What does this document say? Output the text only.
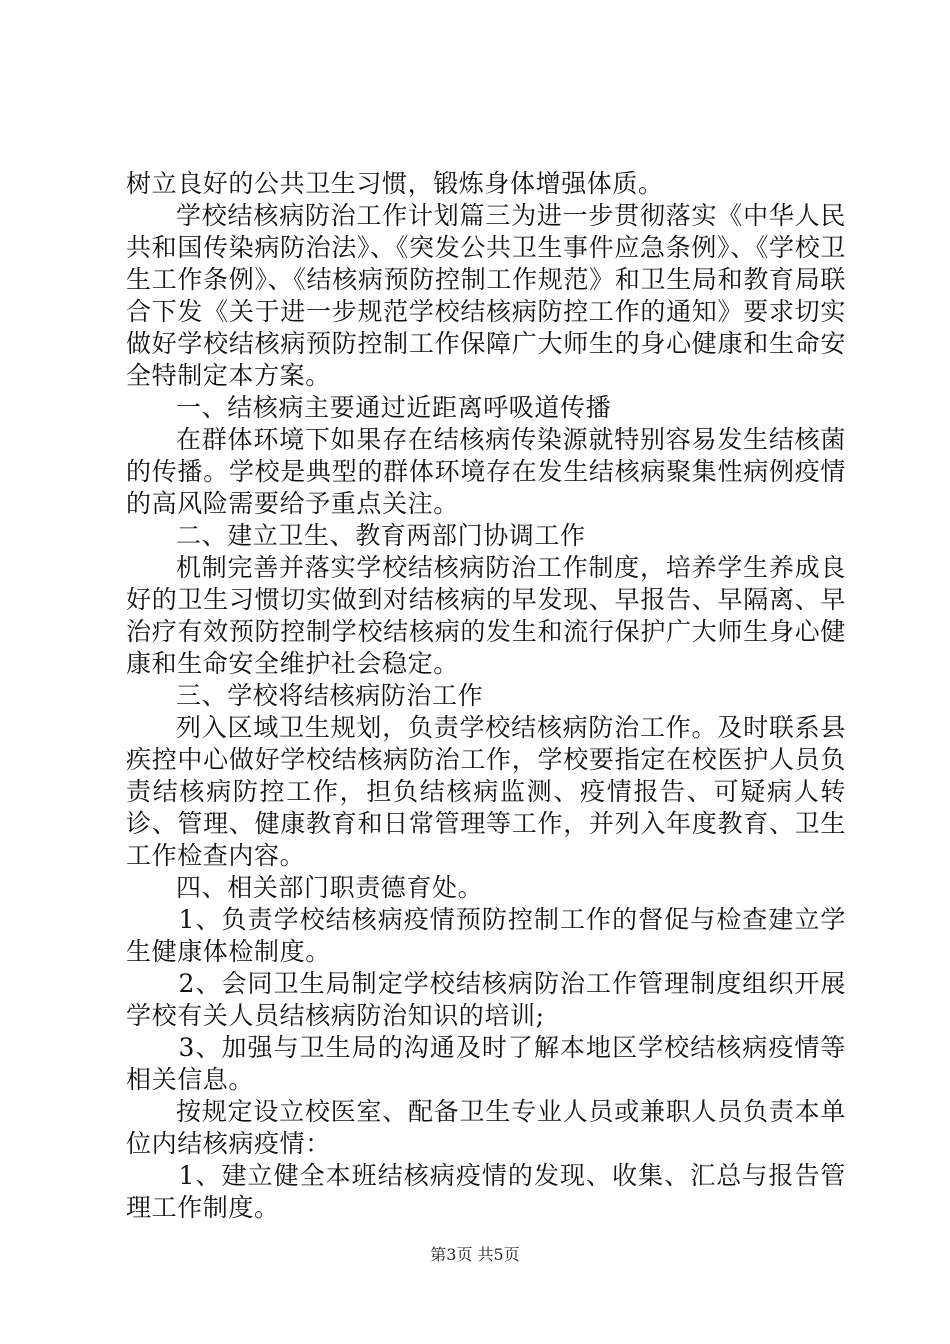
树立良好的公共卫生习惯，锻炼身体增强体质。

学校结核病防治工作计划篇三为进一步贯彻落实《中华人民共和国传染病防治法》、《突发公共卫生事件应急条例》、《学校卫生工作条例》、《结核病预防控制工作规范》和卫生局和教育局联合下发《关于进一步规范学校结核病防控工作的通知》要求切实做好学校结核病预防控制工作保障广大师生的身心健康和生命安全特制定本方案。

一、结核病主要通过近距离呼吸道传播

在群体环境下如果存在结核病传染源就特别容易发生结核菌的传播。学校是典型的群体环境存在发生结核病聚集性病例疫情的高风险需要给予重点关注。

二、建立卫生、教育两部门协调工作

机制完善并落实学校结核病防治工作制度，培养学生养成良好的卫生习惯切实做到对结核病的早发现、早报告、早隔离、早治疗有效预防控制学校结核病的发生和流行保护广大师生身心健康和生命安全维护社会稳定。

三、学校将结核病防治工作

列入区域卫生规划，负责学校结核病防治工作。及时联系县疾控中心做好学校结核病防治工作，学校要指定在校医护人员负责结核病防控工作，担负结核病监测、疫情报告、可疑病人转诊、管理、健康教育和日常管理等工作，并列入年度教育、卫生工作检查内容。

四、相关部门职责德育处。

1、负责学校结核病疫情预防控制工作的督促与检查建立学生健康体检制度。

2、会同卫生局制定学校结核病防治工作管理制度组织开展学校有关人员结核病防治知识的培训;

3、加强与卫生局的沟通及时了解本地区学校结核病疫情等相关信息。

按规定设立校医室、配备卫生专业人员或兼职人员负责本单位内结核病疫情：

1、建立健全本班结核病疫情的发现、收集、汇总与报告管理工作制度。

第3页 共5页
